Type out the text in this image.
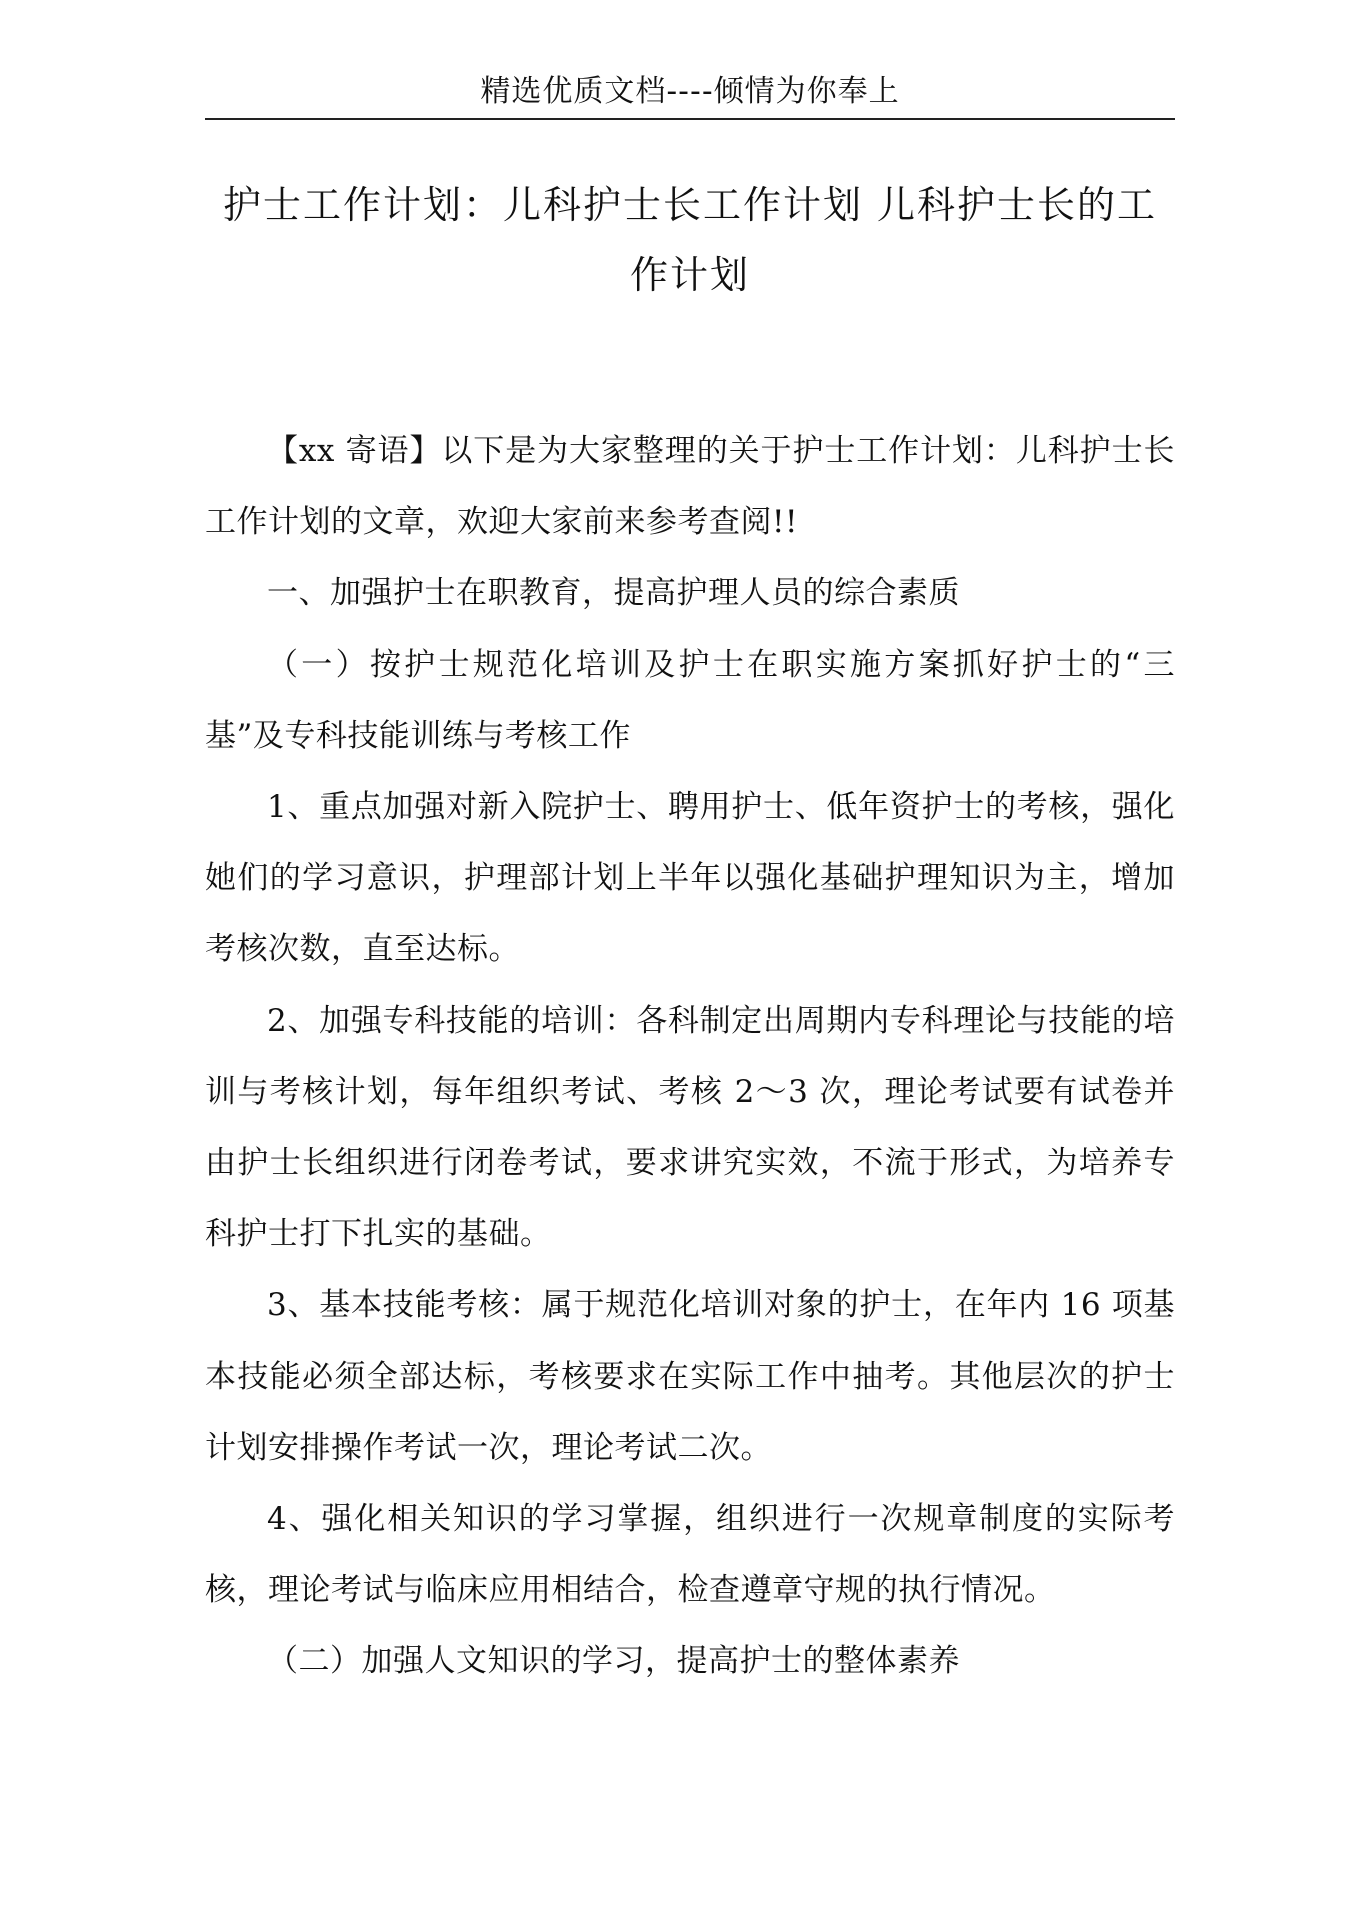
精选优质文档----倾情为你奉上
护士工作计划：儿科护士长工作计划 儿科护士长的工作计划

【xx 寄语】以下是为大家整理的关于护士工作计划：儿科护士长工作计划的文章，欢迎大家前来参考查阅!!

一、加强护士在职教育，提高护理人员的综合素质

（一）按护士规范化培训及护士在职实施方案抓好护士的“三基”及专科技能训练与考核工作

1、重点加强对新入院护士、聘用护士、低年资护士的考核，强化她们的学习意识，护理部计划上半年以强化基础护理知识为主，增加考核次数，直至达标。

2、加强专科技能的培训：各科制定出周期内专科理论与技能的培训与考核计划，每年组织考试、考核 2～3 次，理论考试要有试卷并由护士长组织进行闭卷考试，要求讲究实效，不流于形式，为培养专科护士打下扎实的基础。

3、基本技能考核：属于规范化培训对象的护士，在年内 16 项基本技能必须全部达标，考核要求在实际工作中抽考。其他层次的护士计划安排操作考试一次，理论考试二次。

4、强化相关知识的学习掌握，组织进行一次规章制度的实际考核，理论考试与临床应用相结合，检查遵章守规的执行情况。

（二）加强人文知识的学习，提高护士的整体素养
